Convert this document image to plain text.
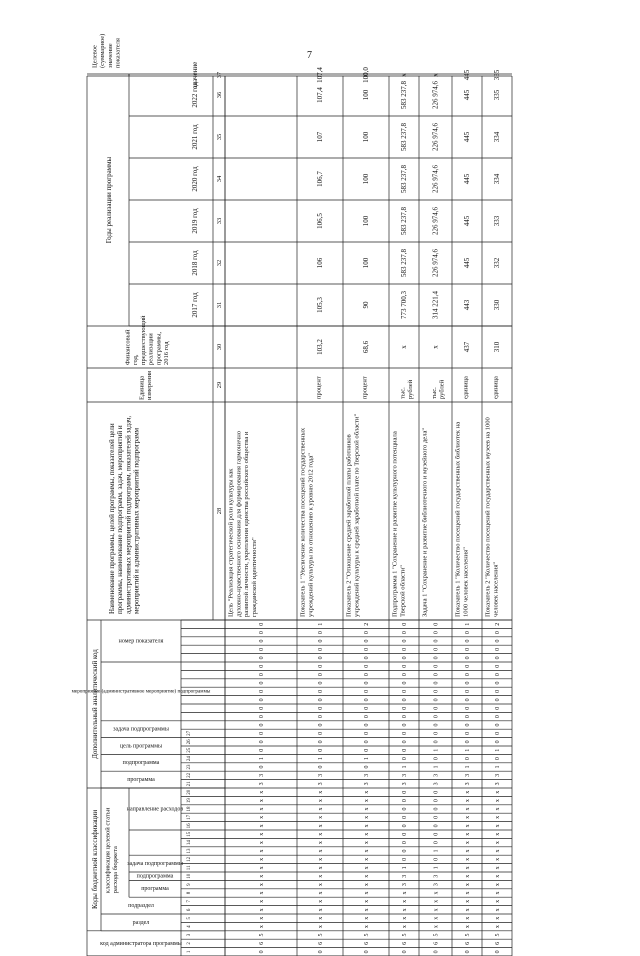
7
Коды бюджетной классификации
Дополнительный аналитический код
классификация целевой статьирасхода бюджета
код администратора программы
раздел
подраздел
программа
подпрограмма
задача подпрограммы
направление расходов
программа
подпрограмма
цель программы
задача подпрограммы
мероприятие (административное мероприятие) подпрограммы
номер показателя
Наименование программы, целей программы, показателей целипрограммы, наименование подпрограмм, задач, мероприятий иадминистративных мероприятий подпрограмм, показателей задач,мероприятий и административных мероприятий подпрограмм
Единицаизмерения
Финансовыйгод,предшествующийреализациипрограммы,2016 год
Годы реализации программы
2017 год
2018 год
2019 год
2020 год
2021 год
2022 год
Целевое(суммарное)значениепоказателя
значение
1
2
3
4
5
6
7
8
9
10
11
12
13
14
15
16
17
18
19
20
21
22
23
24
25
26
27
28
29
30
31
32
33
34
35
36
37
0
6
5
x
x
x
x
x
x
x
x
x
x
x
x
x
x
x
x
x
3
3
0
1
0
0
0
0
0
0
0
0
0
0
0
0
0
0
0
0
Цель "Реализация стратегической роли культуры какдуховно-нравственного основания для формирования гармоничноразвитой личности, укрепления единства российского общества игражданской идентичности"
0
6
5
x
x
x
x
x
x
x
x
x
x
x
x
x
x
x
x
x
3
3
0
1
0
0
0
0
0
0
0
0
0
0
0
0
0
0
0
1
Показатель 1 "Увеличение количества посещений государственныхучреждений культуры по отношению к уровню 2012 года"
процент
103,2
105,3
106
106,5
106,7
107
107,4
107,4
0
6
5
x
x
x
x
x
x
x
x
x
x
x
x
x
x
x
x
x
3
3
0
1
0
0
0
0
0
0
0
0
0
0
0
0
0
0
0
2
Показатель 2 "Отношение средней заработной платы работниковучреждений культуры к средней заработной плате по Тверской области"
процент
68,6
90
100
100
100
100
100
100,0
0
6
5
x
x
x
x
x
3
3
1
0
0
0
0
0
0
0
0
0
3
3
1
0
0
0
0
0
0
0
0
0
0
0
0
0
0
0
0
0
Подпрограмма 1 "Сохранение и развитие культурного потенциалаТверской области"
тыс.рублей
x
773 700,3
583 237,8
583 237,8
583 237,8
583 237,8
583 237,8
x
0
6
5
x
x
x
x
x
3
3
1
0
1
0
0
0
0
0
0
0
3
3
1
0
1
0
0
0
0
0
0
0
0
0
0
0
0
0
0
0
Задача 1 "Сохранение и развитие библиотечного и музейного дела"
тыс.рублей
x
314 221,4
226 974,6
226 974,6
226 974,6
226 974,6
226 974,6
x
0
6
5
x
x
x
x
x
x
x
x
x
x
x
x
x
x
x
x
x
3
3
1
0
1
0
0
0
0
0
0
0
0
0
0
0
0
0
0
1
Показатель 1 "Количество посещений государственных библиотек на1000 человек населения"
единица
437
443
445
445
445
445
445
445
0
6
5
x
x
x
x
x
x
x
x
x
x
x
x
x
x
x
x
x
3
3
1
0
1
0
0
0
0
0
0
0
0
0
0
0
0
0
0
2
Показатель 2 "Количество посещений государственных музеев на 1000человек населения"
единица
310
330
332
333
334
334
335
335
